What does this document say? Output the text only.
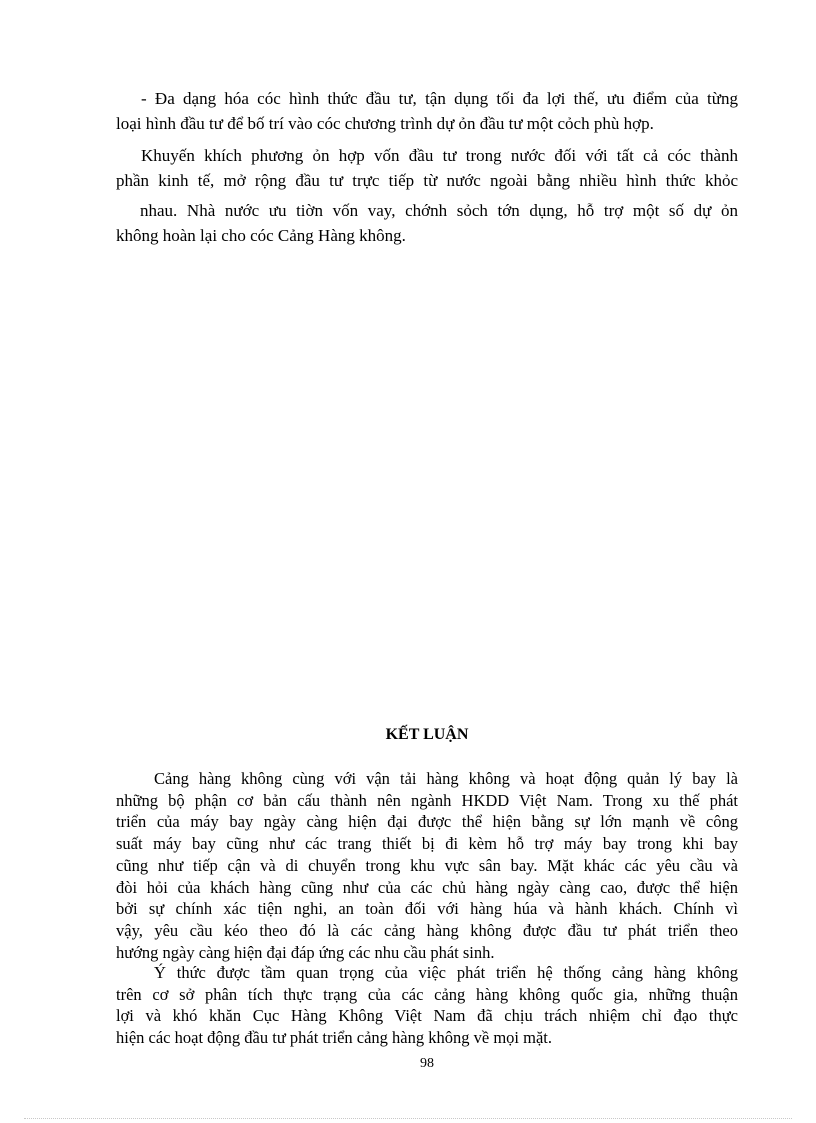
- Đa dạng hóa cóc hình thức đầu tư, tận dụng tối đa lợi thế, ưu điểm của từng
loại hình đầu tư để bố trí vào cóc chương trình dự ỏn đầu tư một cỏch phù hợp.
Khuyến khích phương ỏn hợp vốn đầu tư trong nước đối với tất cả cóc thành
phần kinh tế, mở rộng đầu tư trực tiếp từ nước ngoài bằng nhiều hình thức khỏc
nhau. Nhà nước ưu tiờn vốn vay, chớnh sỏch tớn dụng, hỗ trợ một số dự ỏn
không hoàn lại cho cóc Cảng Hàng không.
KẾT LUẬN
Cảng hàng không cùng với vận tải hàng không và hoạt động quản lý bay là
những bộ phận cơ bản cấu thành nên ngành HKDD Việt Nam. Trong xu thế phát
triển của máy bay ngày càng hiện đại được thể hiện bằng sự lớn mạnh về công
suất máy bay cũng như các trang thiết bị đi kèm hỗ trợ máy bay trong khi bay
cũng như tiếp cận và di chuyển trong khu vực sân bay. Mặt khác các yêu cầu và
đòi hỏi của khách hàng cũng như của các chủ hàng ngày càng cao, được thể hiện
bởi sự chính xác tiện nghi, an toàn đối với hàng húa và hành khách. Chính vì
vậy, yêu cầu kéo theo đó là các cảng hàng không được đầu tư phát triển theo
hướng ngày càng hiện đại đáp ứng các nhu cầu phát sinh.
Ý thức được tầm quan trọng của việc phát triển hệ thống cảng hàng không
trên cơ sở phân tích thực trạng của các cảng hàng không quốc gia, những thuận
lợi và khó khăn Cục Hàng Không Việt Nam đã chịu trách nhiệm chỉ đạo thực
hiện các hoạt động đầu tư phát triển cảng hàng không về mọi mặt.

98
